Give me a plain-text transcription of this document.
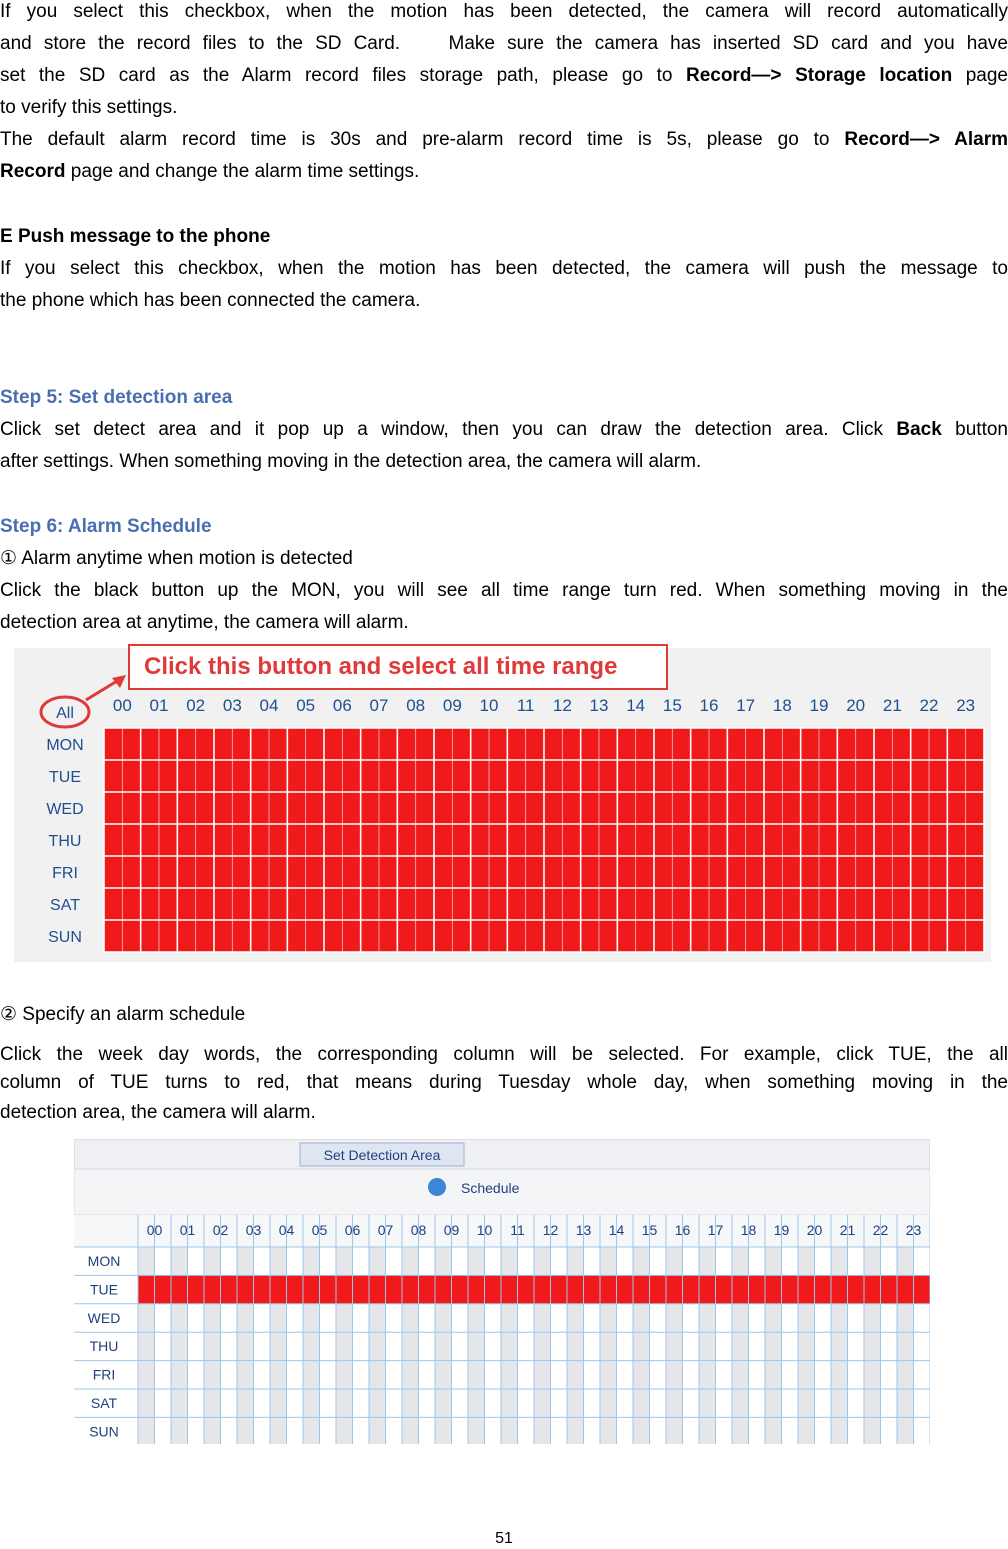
If you select this checkbox, when the motion has been detected, the camera will record automatically

and store the record files to the SD Card.    Make sure the camera has inserted SD card and you have

set the SD card as the Alarm record files storage path, please go to Record—> Storage location page

to verify this settings.

The default alarm record time is 30s and pre-alarm record time is 5s, please go to Record—> Alarm

Record page and change the alarm time settings.

E Push message to the phone

If you select this checkbox, when the motion has been detected, the camera will push the message to

the phone which has been connected the camera.

Step 5: Set detection area

Click set detect area and it pop up a window, then you can draw the detection area. Click Back button

after settings. When something moving in the detection area, the camera will alarm.

Step 6: Alarm Schedule

① Alarm anytime when motion is detected

Click the black button up the MON, you will see all time range turn red. When something moving in the

detection area at anytime, the camera will alarm.

00 01 02 03 04 05 06 07 08 09 10 11 12 13 14 15 16 17 18 19 20 21 22 23
All
MON
TUE
WED
THU
FRI
SAT
SUN
Click this button and select all time range

② Specify an alarm schedule

Click the week day words, the corresponding column will be selected. For example, click TUE, the all

column of TUE turns to red, that means during Tuesday whole day, when something moving in the

detection area, the camera will alarm.

Set Detection Area
Schedule
00 01 02 03 04 05 06 07 08 09 10 11 12 13 14 15 16 17 18 19 20 21 22 23
MON
TUE
WED
THU
FRI
SAT
SUN
51
